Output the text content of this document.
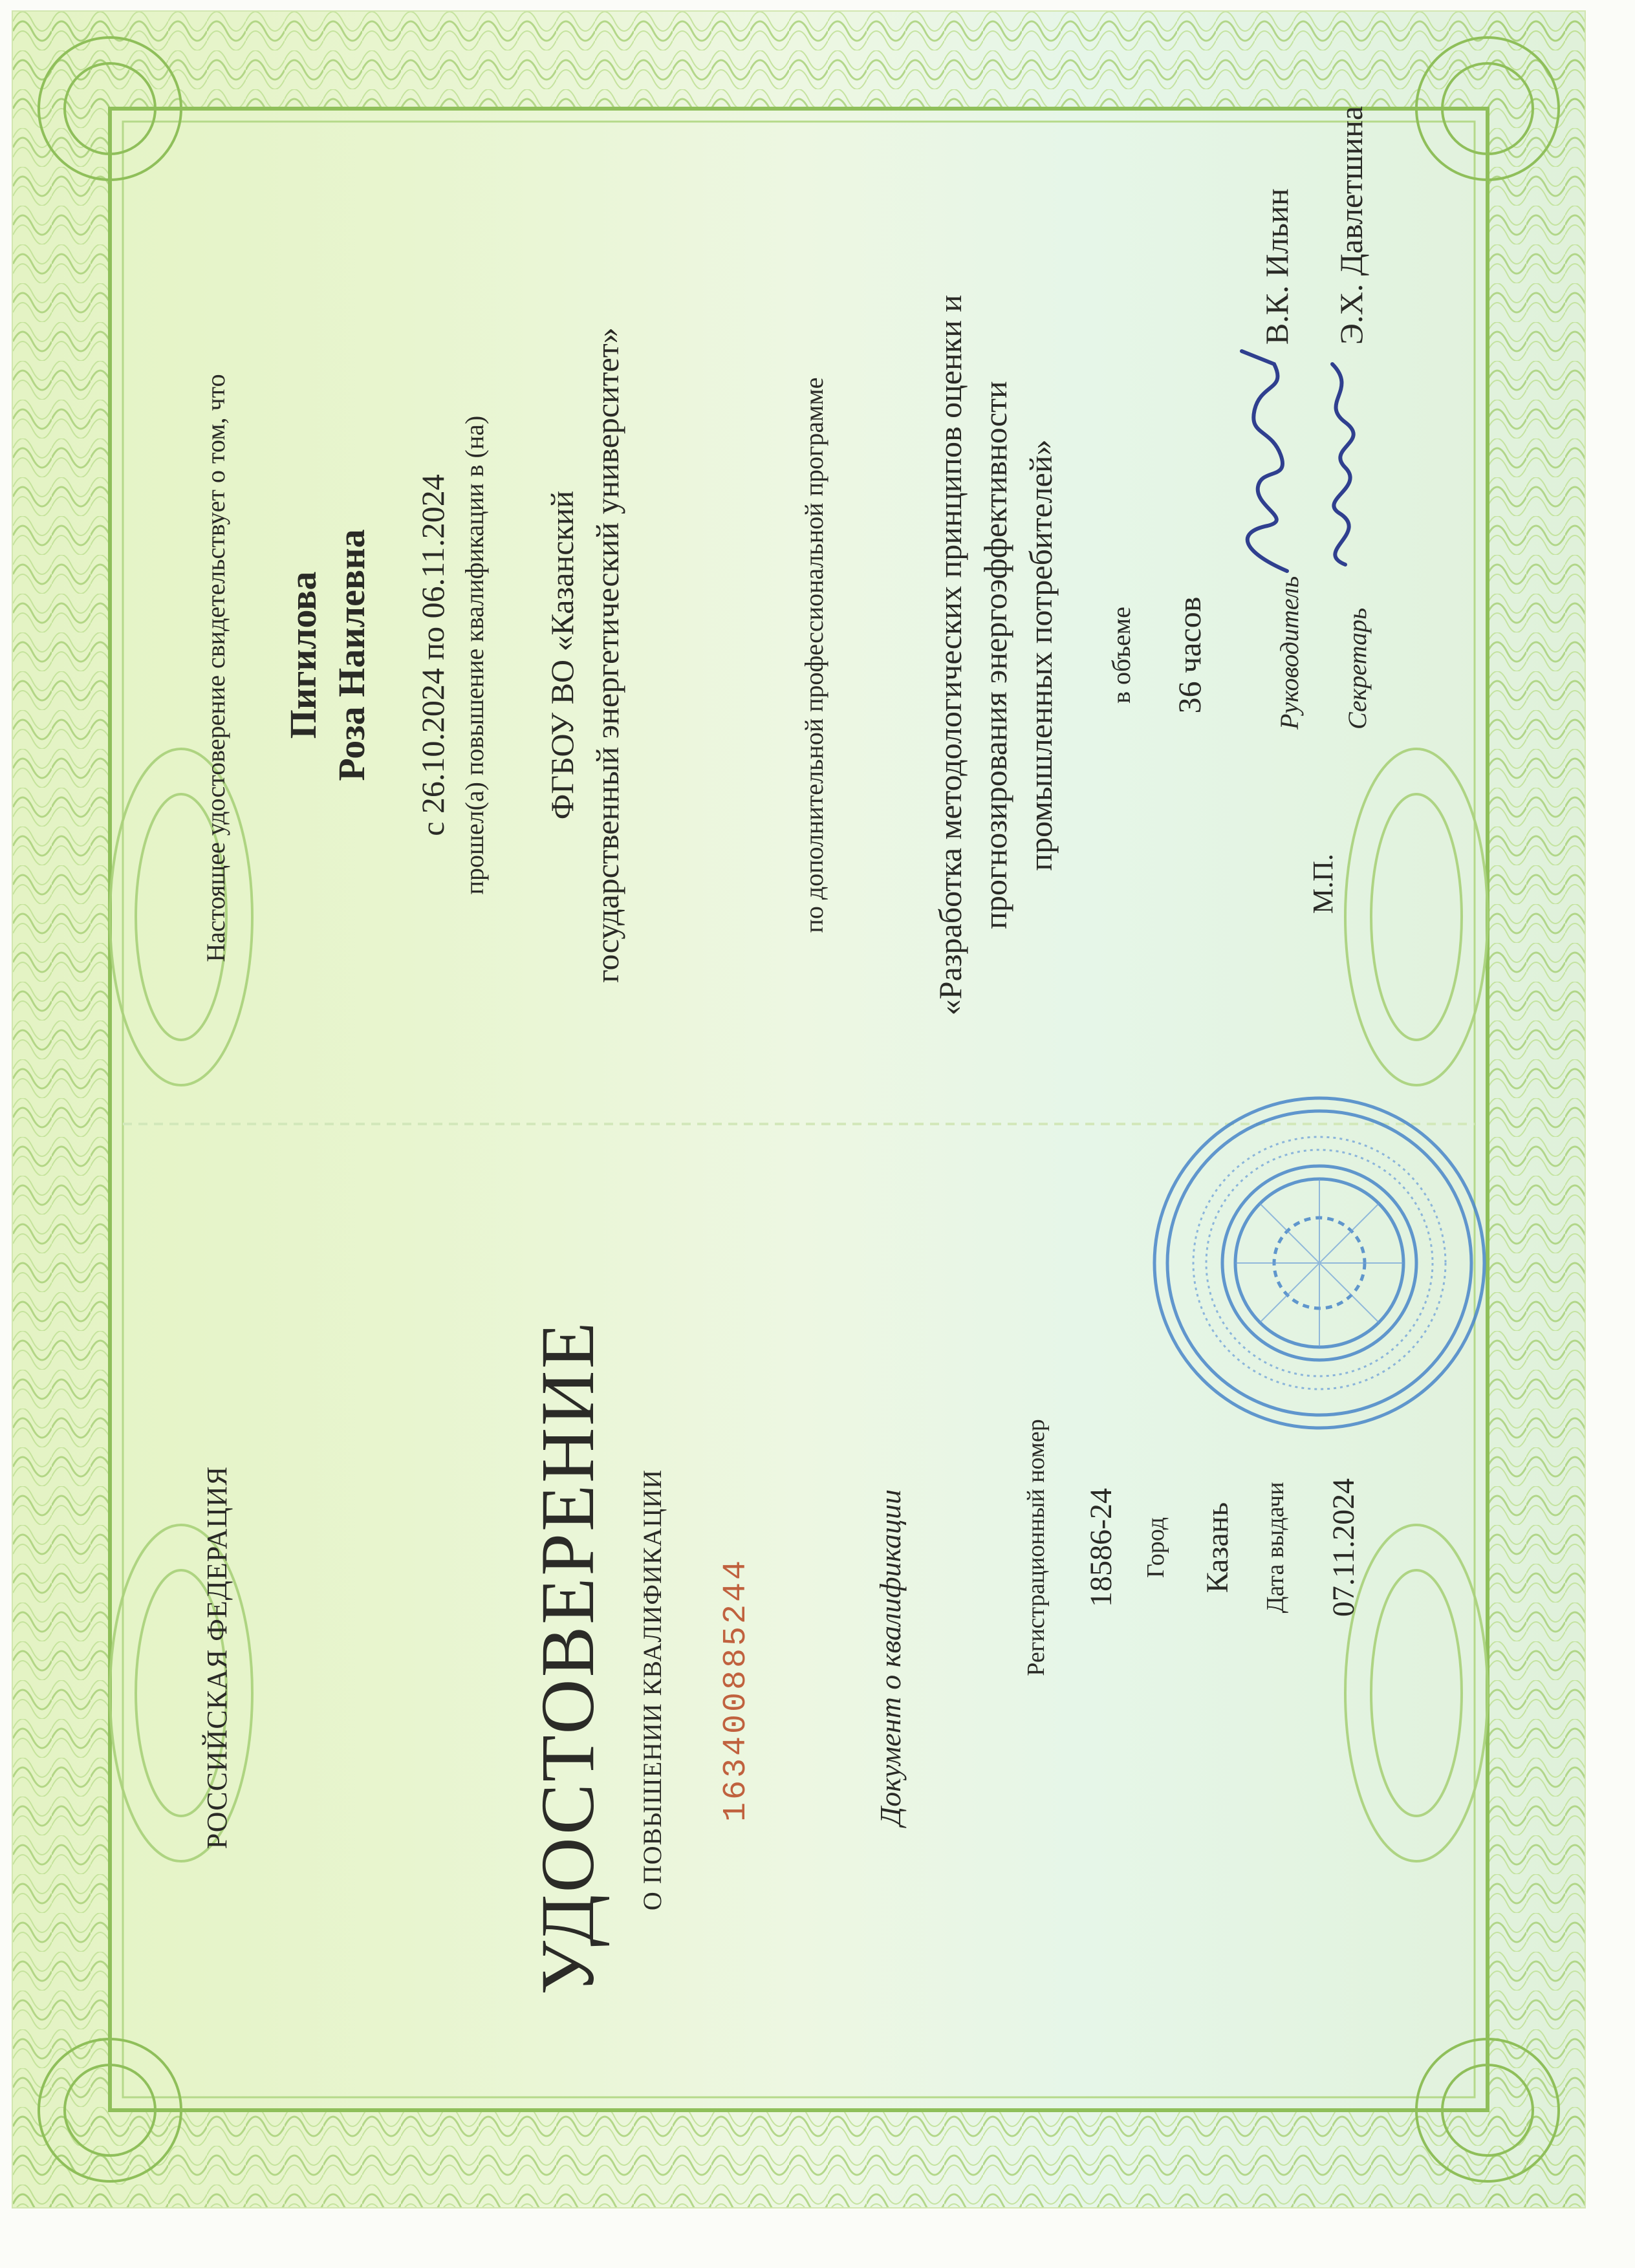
РОССИЙСКАЯ ФЕДЕРАЦИЯ	УДОСТОВЕРЕНИЕ О ПОВЫШЕНИИ КВАЛИФИКАЦИИ 163400885244	Документ о квалификации	Регистрационный номер 18586-24 Город Казань Дата выдачи 07.11.2024
Настоящее удостоверение свидетельствует о том, что Пигилова Роза Наилевна с 26.10.2024 по 06.11.2024 прошел(а) повышение квалификации в (на) ФГБОУ ВО «Казанский государственный энергетический университет»	по дополнительной профессиональной программе	«Разработка методологических принципов оценки и прогнозирования энергоэффективности промышленных потребителей» в объеме 36 часов	Руководитель
В.К. Ильин
М.П.
Секретарь
Э.Х. Давлетшина
